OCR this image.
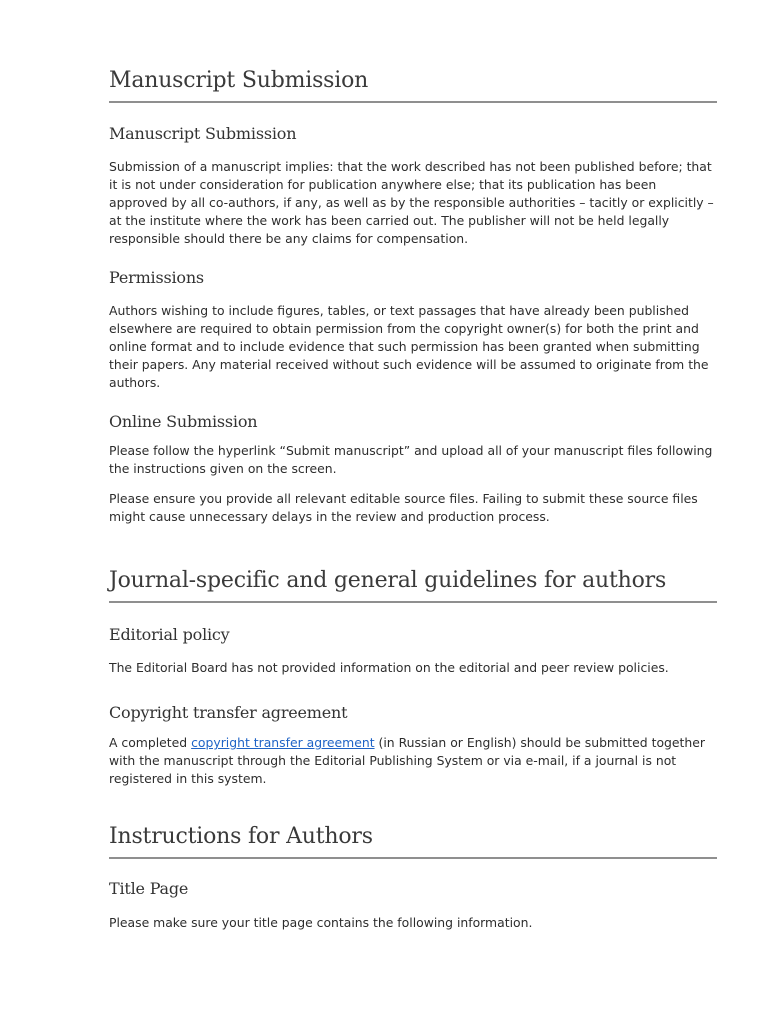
Manuscript Submission
Manuscript Submission

Submission of a manuscript implies: that the work described has not been published before; that it is not under consideration for publication anywhere else; that its publication has been approved by all co-authors, if any, as well as by the responsible authorities – tacitly or explicitly – at the institute where the work has been carried out. The publisher will not be held legally responsible should there be any claims for compensation.

Permissions

Authors wishing to include figures, tables, or text passages that have already been published elsewhere are required to obtain permission from the copyright owner(s) for both the print and online format and to include evidence that such permission has been granted when submitting their papers. Any material received without such evidence will be assumed to originate from the authors.

Online Submission

Please follow the hyperlink “Submit manuscript” and upload all of your manuscript files following the instructions given on the screen.

Please ensure you provide all relevant editable source files. Failing to submit these source files might cause unnecessary delays in the review and production process.

Journal-specific and general guidelines for authors
Editorial policy

The Editorial Board has not provided information on the editorial and peer review policies.

Copyright transfer agreement

A completed copyright transfer agreement (in Russian or English) should be submitted together with the manuscript through the Editorial Publishing System or via e-mail, if a journal is not registered in this system.

Instructions for Authors
Title Page

Please make sure your title page contains the following information.
